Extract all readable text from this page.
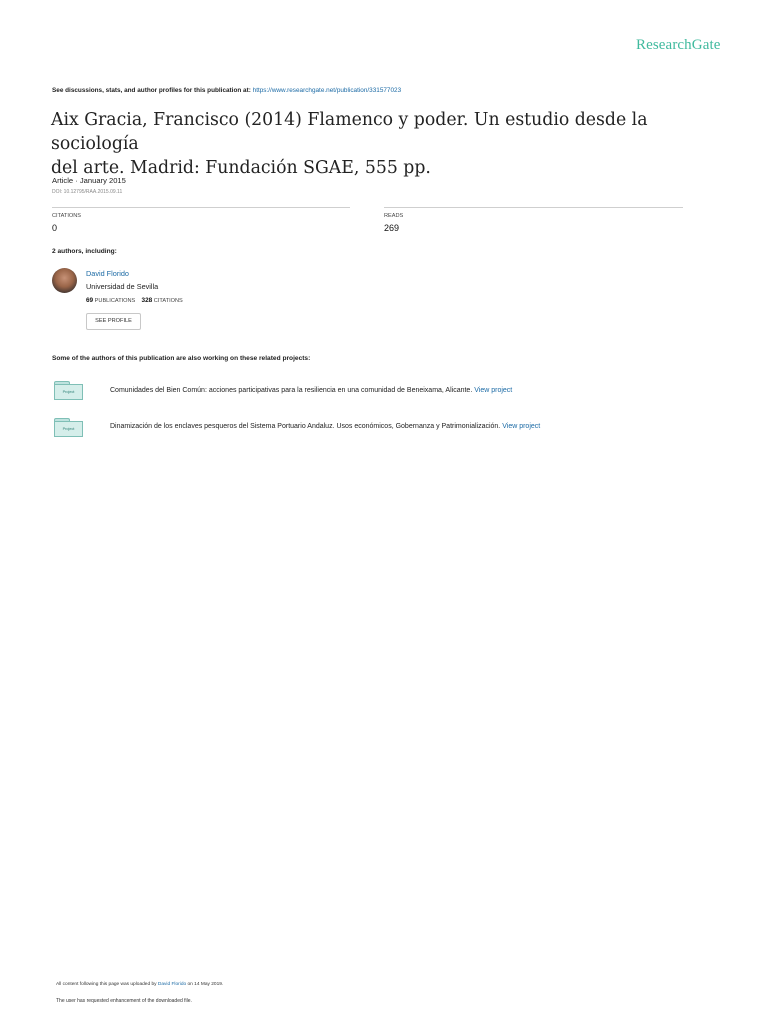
ResearchGate
See discussions, stats, and author profiles for this publication at: https://www.researchgate.net/publication/331577023
Aix Gracia, Francisco (2014) Flamenco y poder. Un estudio desde la sociología
del arte. Madrid: Fundación SGAE, 555 pp.
Article · January 2015
DOI: 10.12795/RAA.2015.09.11
CITATIONS
0
READS
269
2 authors, including:
David Florido
Universidad de Sevilla
69 PUBLICATIONS 328 CITATIONS
SEE PROFILE
Some of the authors of this publication are also working on these related projects:
Project	Comunidades del Bien Común: acciones participativas para la resiliencia en una comunidad de Beneixama, Alicante. View project
Project	Dinamización de los enclaves pesqueros del Sistema Portuario Andaluz. Usos económicos, Gobernanza y Patrimonialización. View project
All content following this page was uploaded by David Florido on 14 May 2019.
The user has requested enhancement of the downloaded file.
